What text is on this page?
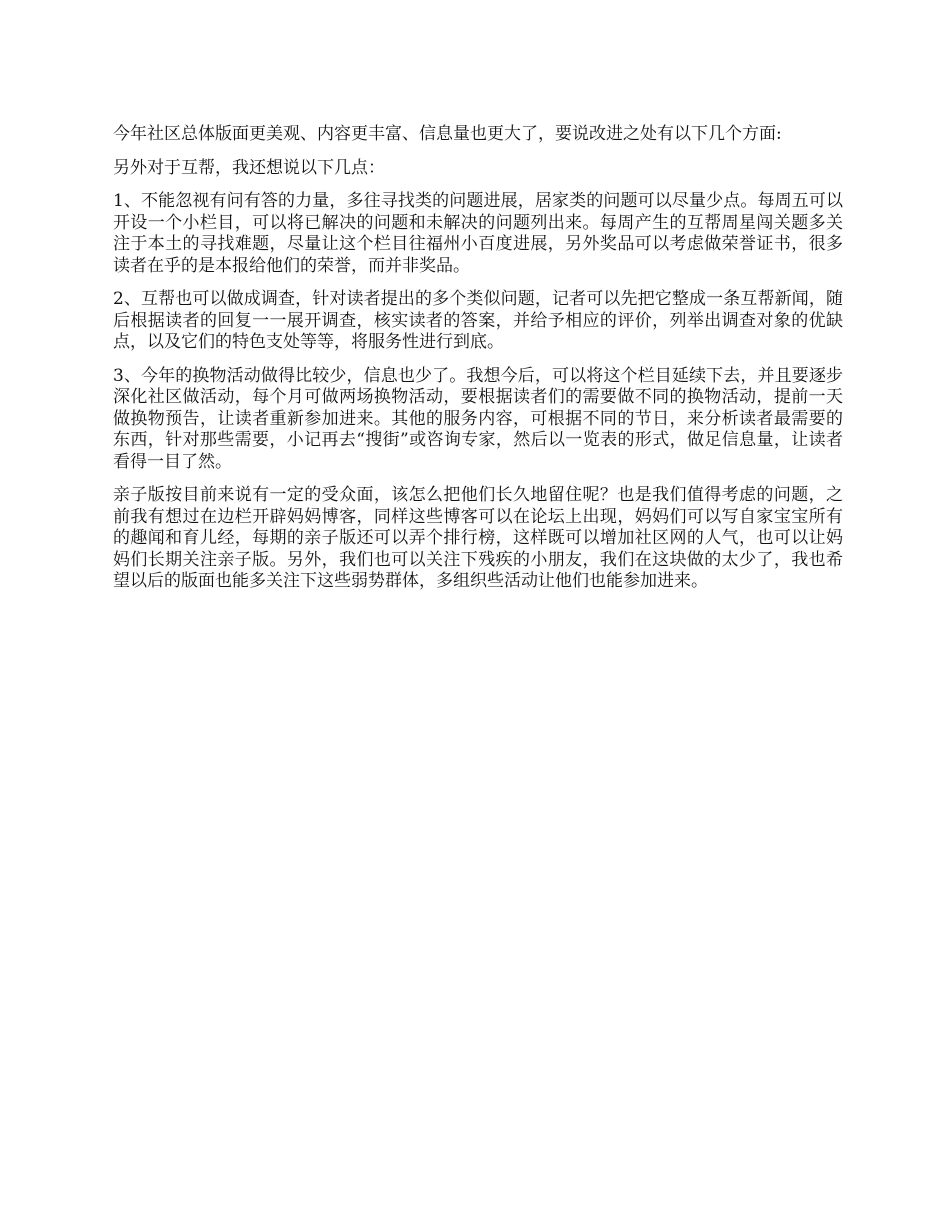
今年社区总体版面更美观、内容更丰富、信息量也更大了，要说改进之处有以下几个方面:

另外对于互帮，我还想说以下几点：

1、不能忽视有问有答的力量，多往寻找类的问题进展，居家类的问题可以尽量少点。每周五可以开设一个小栏目，可以将已解决的问题和未解决的问题列出来。每周产生的互帮周星闯关题多关注于本土的寻找难题，尽量让这个栏目往福州小百度进展，另外奖品可以考虑做荣誉证书，很多读者在乎的是本报给他们的荣誉，而并非奖品。

2、互帮也可以做成调查，针对读者提出的多个类似问题，记者可以先把它整成一条互帮新闻，随后根据读者的回复一一展开调查，核实读者的答案，并给予相应的评价，列举出调查对象的优缺点，以及它们的特色支处等等，将服务性进行到底。

3、今年的换物活动做得比较少，信息也少了。我想今后，可以将这个栏目延续下去，并且要逐步深化社区做活动，每个月可做两场换物活动，要根据读者们的需要做不同的换物活动，提前一天做换物预告，让读者重新参加进来。其他的服务内容，可根据不同的节日，来分析读者最需要的东西，针对那些需要，小记再去“搜街”或咨询专家，然后以一览表的形式，做足信息量，让读者看得一目了然。

亲子版按目前来说有一定的受众面，该怎么把他们长久地留住呢？也是我们值得考虑的问题，之前我有想过在边栏开辟妈妈博客，同样这些博客可以在论坛上出现，妈妈们可以写自家宝宝所有的趣闻和育儿经，每期的亲子版还可以弄个排行榜，这样既可以增加社区网的人气，也可以让妈妈们长期关注亲子版。另外，我们也可以关注下残疾的小朋友，我们在这块做的太少了，我也希望以后的版面也能多关注下这些弱势群体，多组织些活动让他们也能参加进来。
